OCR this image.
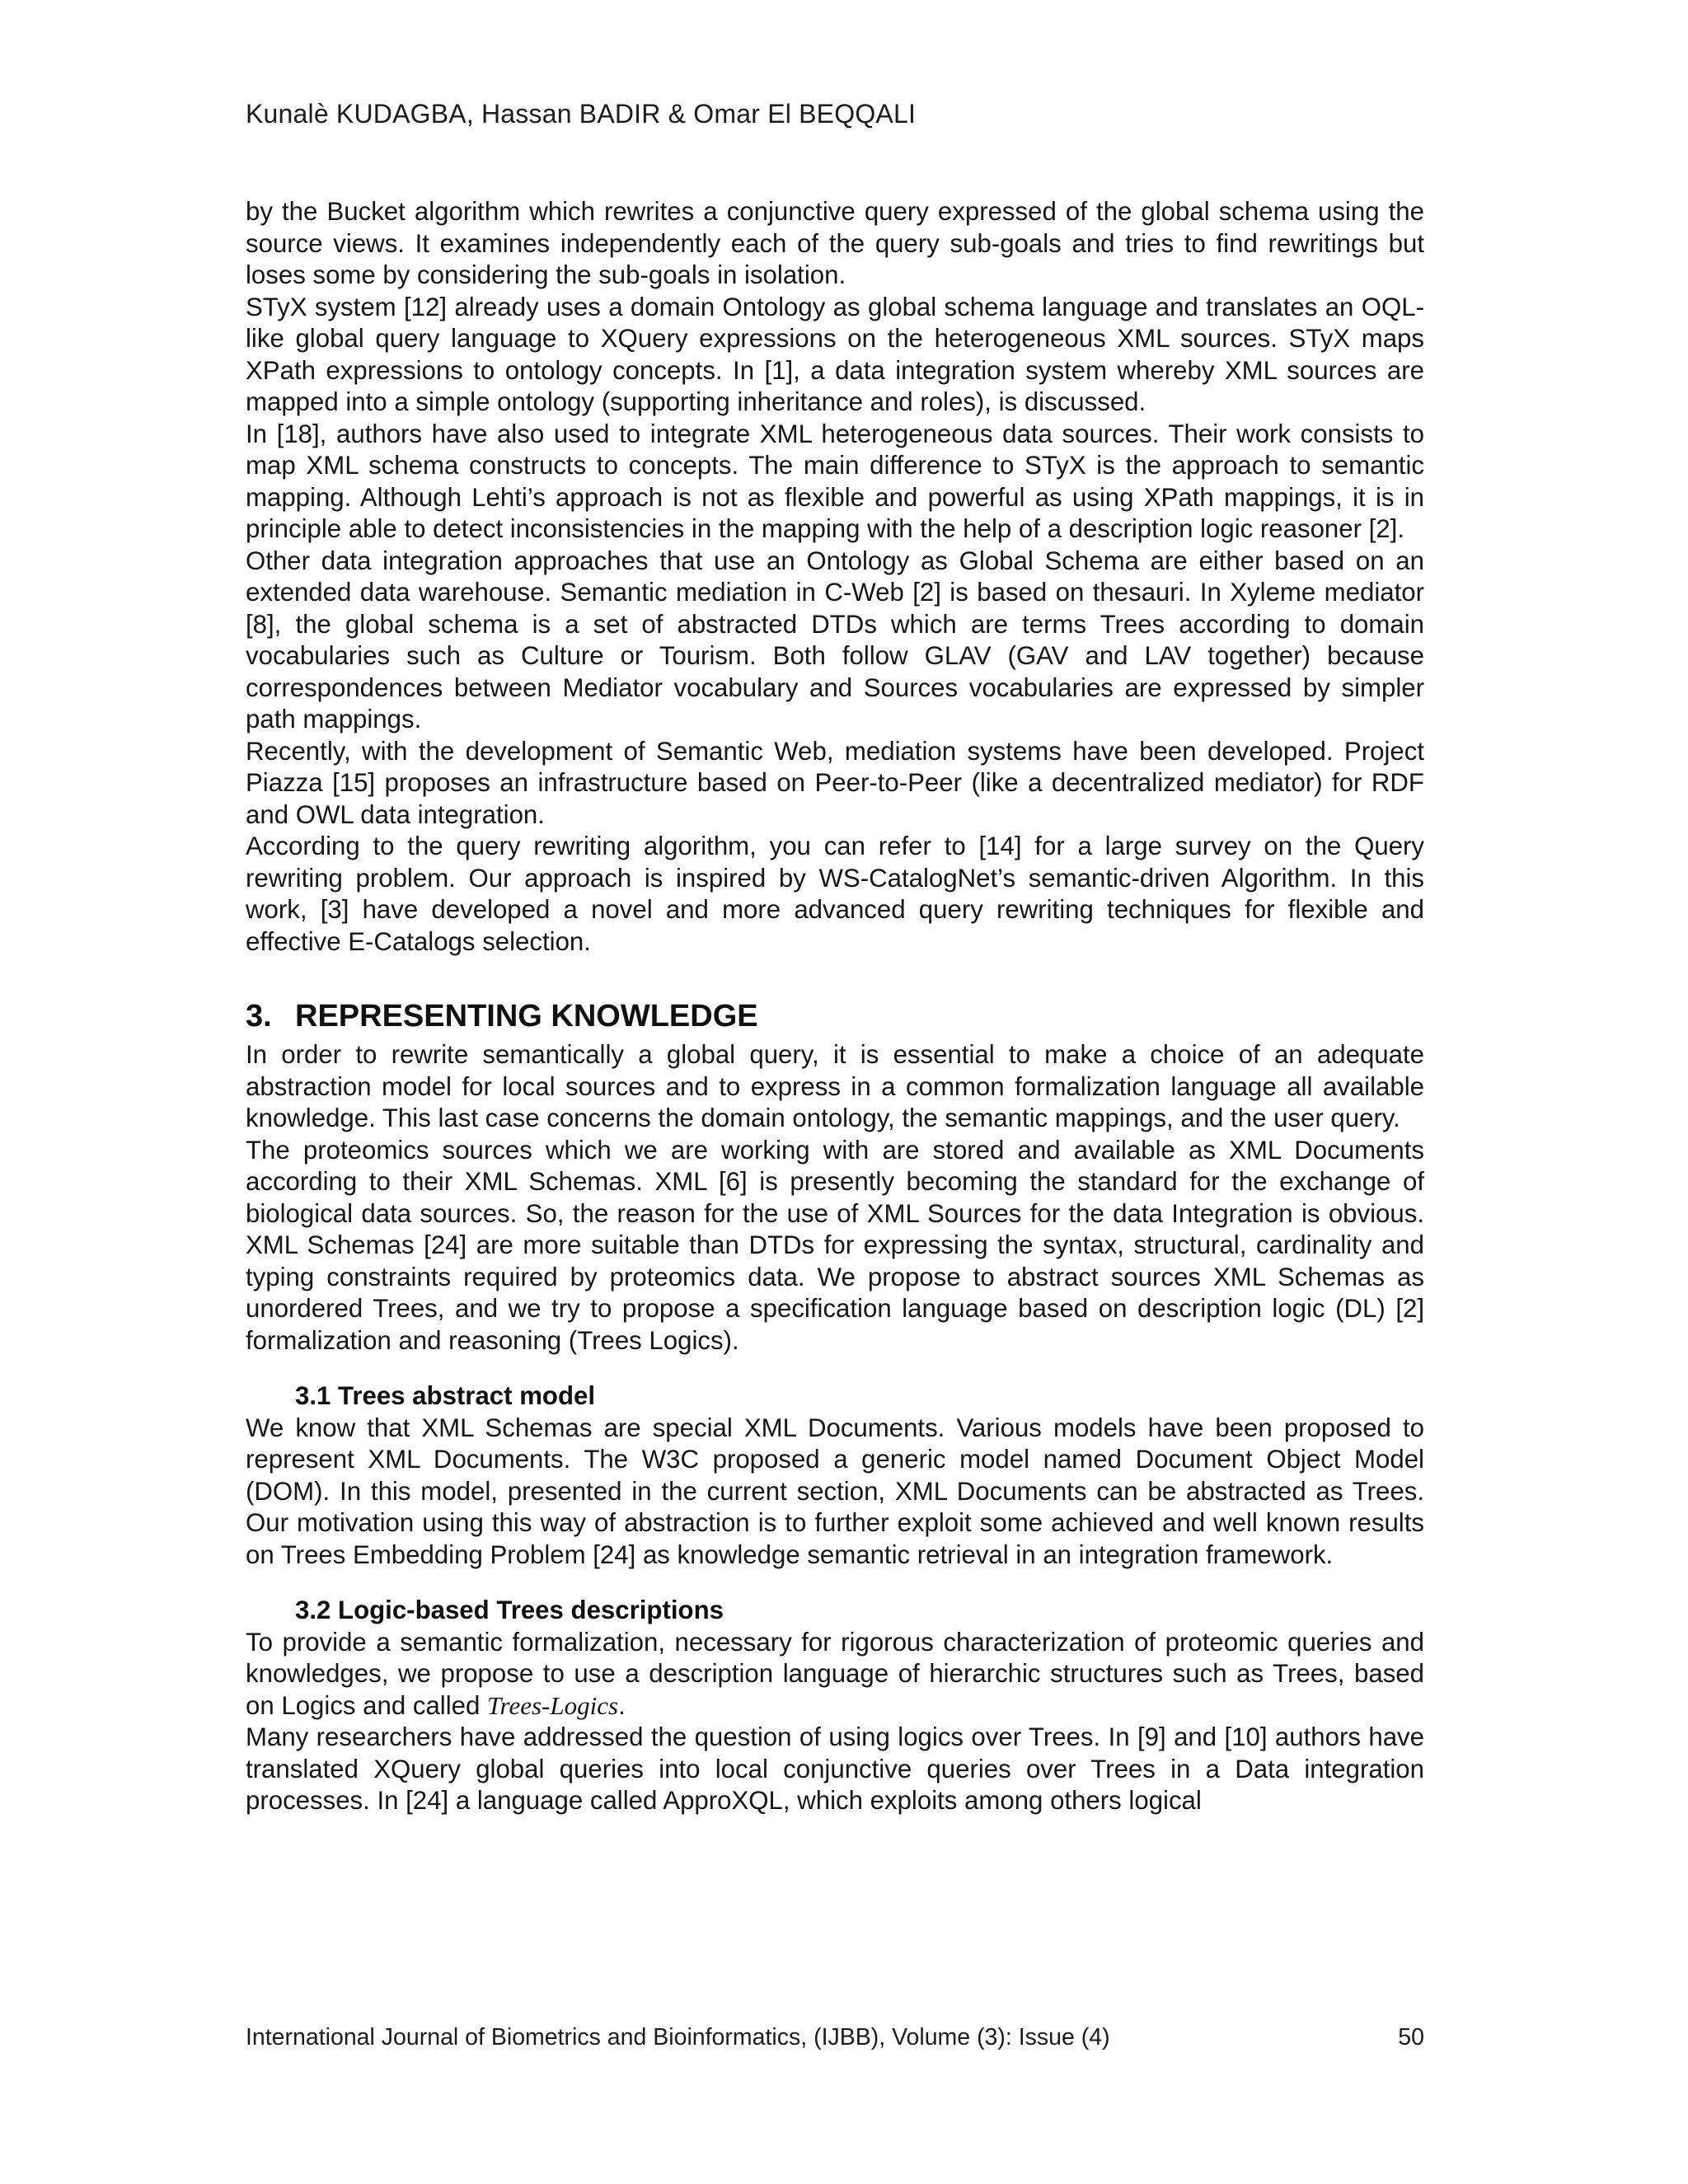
Kunalè KUDAGBA, Hassan BADIR & Omar El BEQQALI

by the Bucket algorithm which rewrites a conjunctive query expressed of the global schema using the source views. It examines independently each of the query sub-goals and tries to find rewritings but loses some by considering the sub-goals in isolation.

STyX system [12] already uses a domain Ontology as global schema language and translates an OQL-like global query language to XQuery expressions on the heterogeneous XML sources. STyX maps XPath expressions to ontology concepts. In [1], a data integration system whereby XML sources are mapped into a simple ontology (supporting inheritance and roles), is discussed.

In [18], authors have also used to integrate XML heterogeneous data sources. Their work consists to map XML schema constructs to concepts. The main difference to STyX is the approach to semantic mapping. Although Lehti’s approach is not as flexible and powerful as using XPath mappings, it is in principle able to detect inconsistencies in the mapping with the help of a description logic reasoner [2].

Other data integration approaches that use an Ontology as Global Schema are either based on an extended data warehouse. Semantic mediation in C-Web [2] is based on thesauri. In Xyleme mediator [8], the global schema is a set of abstracted DTDs which are terms Trees according to domain vocabularies such as Culture or Tourism. Both follow GLAV (GAV and LAV together) because correspondences between Mediator vocabulary and Sources vocabularies are expressed by simpler path mappings.

Recently, with the development of Semantic Web, mediation systems have been developed. Project Piazza [15] proposes an infrastructure based on Peer-to-Peer (like a decentralized mediator) for RDF and OWL data integration.

According to the query rewriting algorithm, you can refer to [14] for a large survey on the Query rewriting problem. Our approach is inspired by WS-CatalogNet’s semantic-driven Algorithm. In this work, [3] have developed a novel and more advanced query rewriting techniques for flexible and effective E-Catalogs selection.

3. REPRESENTING KNOWLEDGE

In order to rewrite semantically a global query, it is essential to make a choice of an adequate abstraction model for local sources and to express in a common formalization language all available knowledge. This last case concerns the domain ontology, the semantic mappings, and the user query.

The proteomics sources which we are working with are stored and available as XML Documents according to their XML Schemas. XML [6] is presently becoming the standard for the exchange of biological data sources. So, the reason for the use of XML Sources for the data Integration is obvious. XML Schemas [24] are more suitable than DTDs for expressing the syntax, structural, cardinality and typing constraints required by proteomics data. We propose to abstract sources XML Schemas as unordered Trees, and we try to propose a specification language based on description logic (DL) [2] formalization and reasoning (Trees Logics).

3.1 Trees abstract model

We know that XML Schemas are special XML Documents. Various models have been proposed to represent XML Documents. The W3C proposed a generic model named Document Object Model (DOM). In this model, presented in the current section, XML Documents can be abstracted as Trees. Our motivation using this way of abstraction is to further exploit some achieved and well known results on Trees Embedding Problem [24] as knowledge semantic retrieval in an integration framework.

3.2 Logic-based Trees descriptions

To provide a semantic formalization, necessary for rigorous characterization of proteomic queries and knowledges, we propose to use a description language of hierarchic structures such as Trees, based on Logics and called Trees-Logics.

Many researchers have addressed the question of using logics over Trees. In [9] and [10] authors have translated XQuery global queries into local conjunctive queries over Trees in a Data integration processes. In [24] a language called ApproXQL, which exploits among others logical

International Journal of Biometrics and Bioinformatics, (IJBB), Volume (3): Issue (4)	50
